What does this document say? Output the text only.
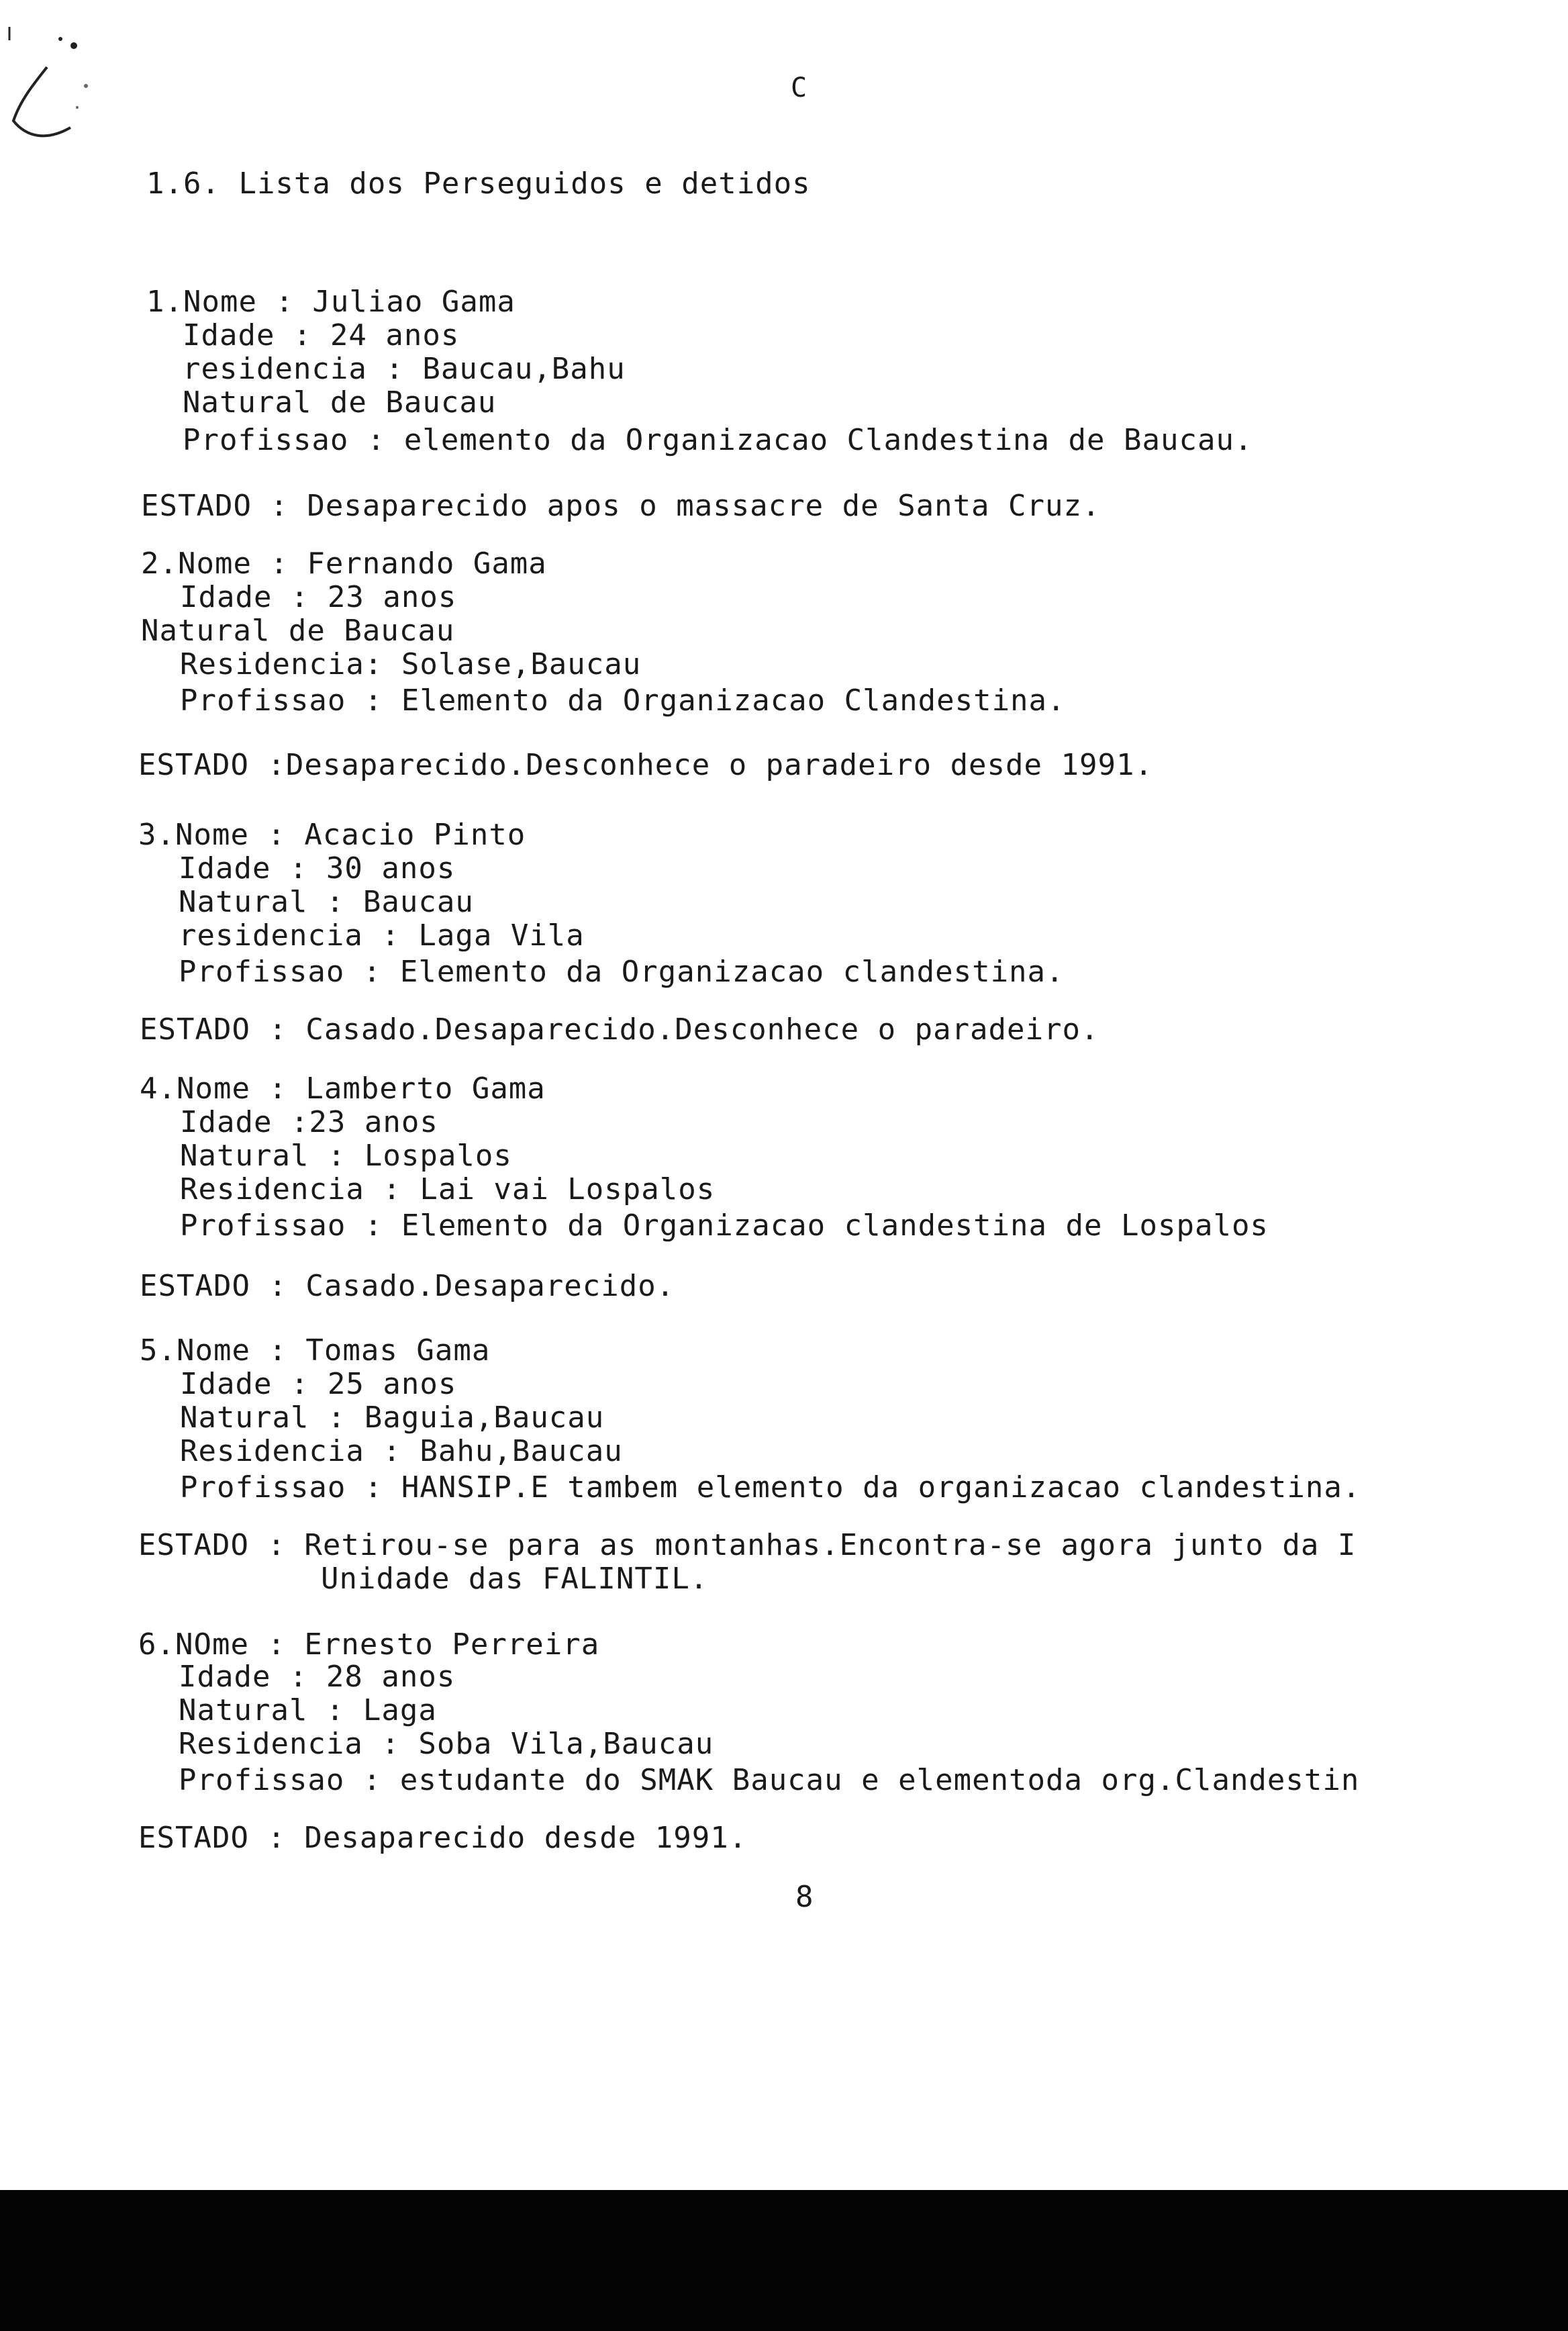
C
1.6. Lista dos Perseguidos e detidos
1.Nome : Juliao Gama
Idade : 24 anos
residencia : Baucau,Bahu
Natural de Baucau
Profissao : elemento da Organizacao Clandestina de Baucau.
ESTADO : Desaparecido apos o massacre de Santa Cruz.
2.Nome : Fernando Gama
Idade : 23 anos
Natural de Baucau
Residencia: Solase,Baucau
Profissao : Elemento da Organizacao Clandestina.
ESTADO :Desaparecido.Desconhece o paradeiro desde 1991.
3.Nome : Acacio Pinto
Idade : 30 anos
Natural : Baucau
residencia : Laga Vila
Profissao : Elemento da Organizacao clandestina.
ESTADO : Casado.Desaparecido.Desconhece o paradeiro.
4.Nome : Lamberto Gama
Idade :23 anos
Natural : Lospalos
Residencia : Lai vai Lospalos
Profissao : Elemento da Organizacao clandestina de Lospalos
ESTADO : Casado.Desaparecido.
5.Nome : Tomas Gama
Idade : 25 anos
Natural : Baguia,Baucau
Residencia : Bahu,Baucau
Profissao : HANSIP.E tambem elemento da organizacao clandestina.
ESTADO : Retirou-se para as montanhas.Encontra-se agora junto da I
Unidade das FALINTIL.
6.NOme : Ernesto Perreira
Idade : 28 anos
Natural : Laga
Residencia : Soba Vila,Baucau
Profissao : estudante do SMAK Baucau e elementoda org.Clandestin
ESTADO : Desaparecido desde 1991.
8
